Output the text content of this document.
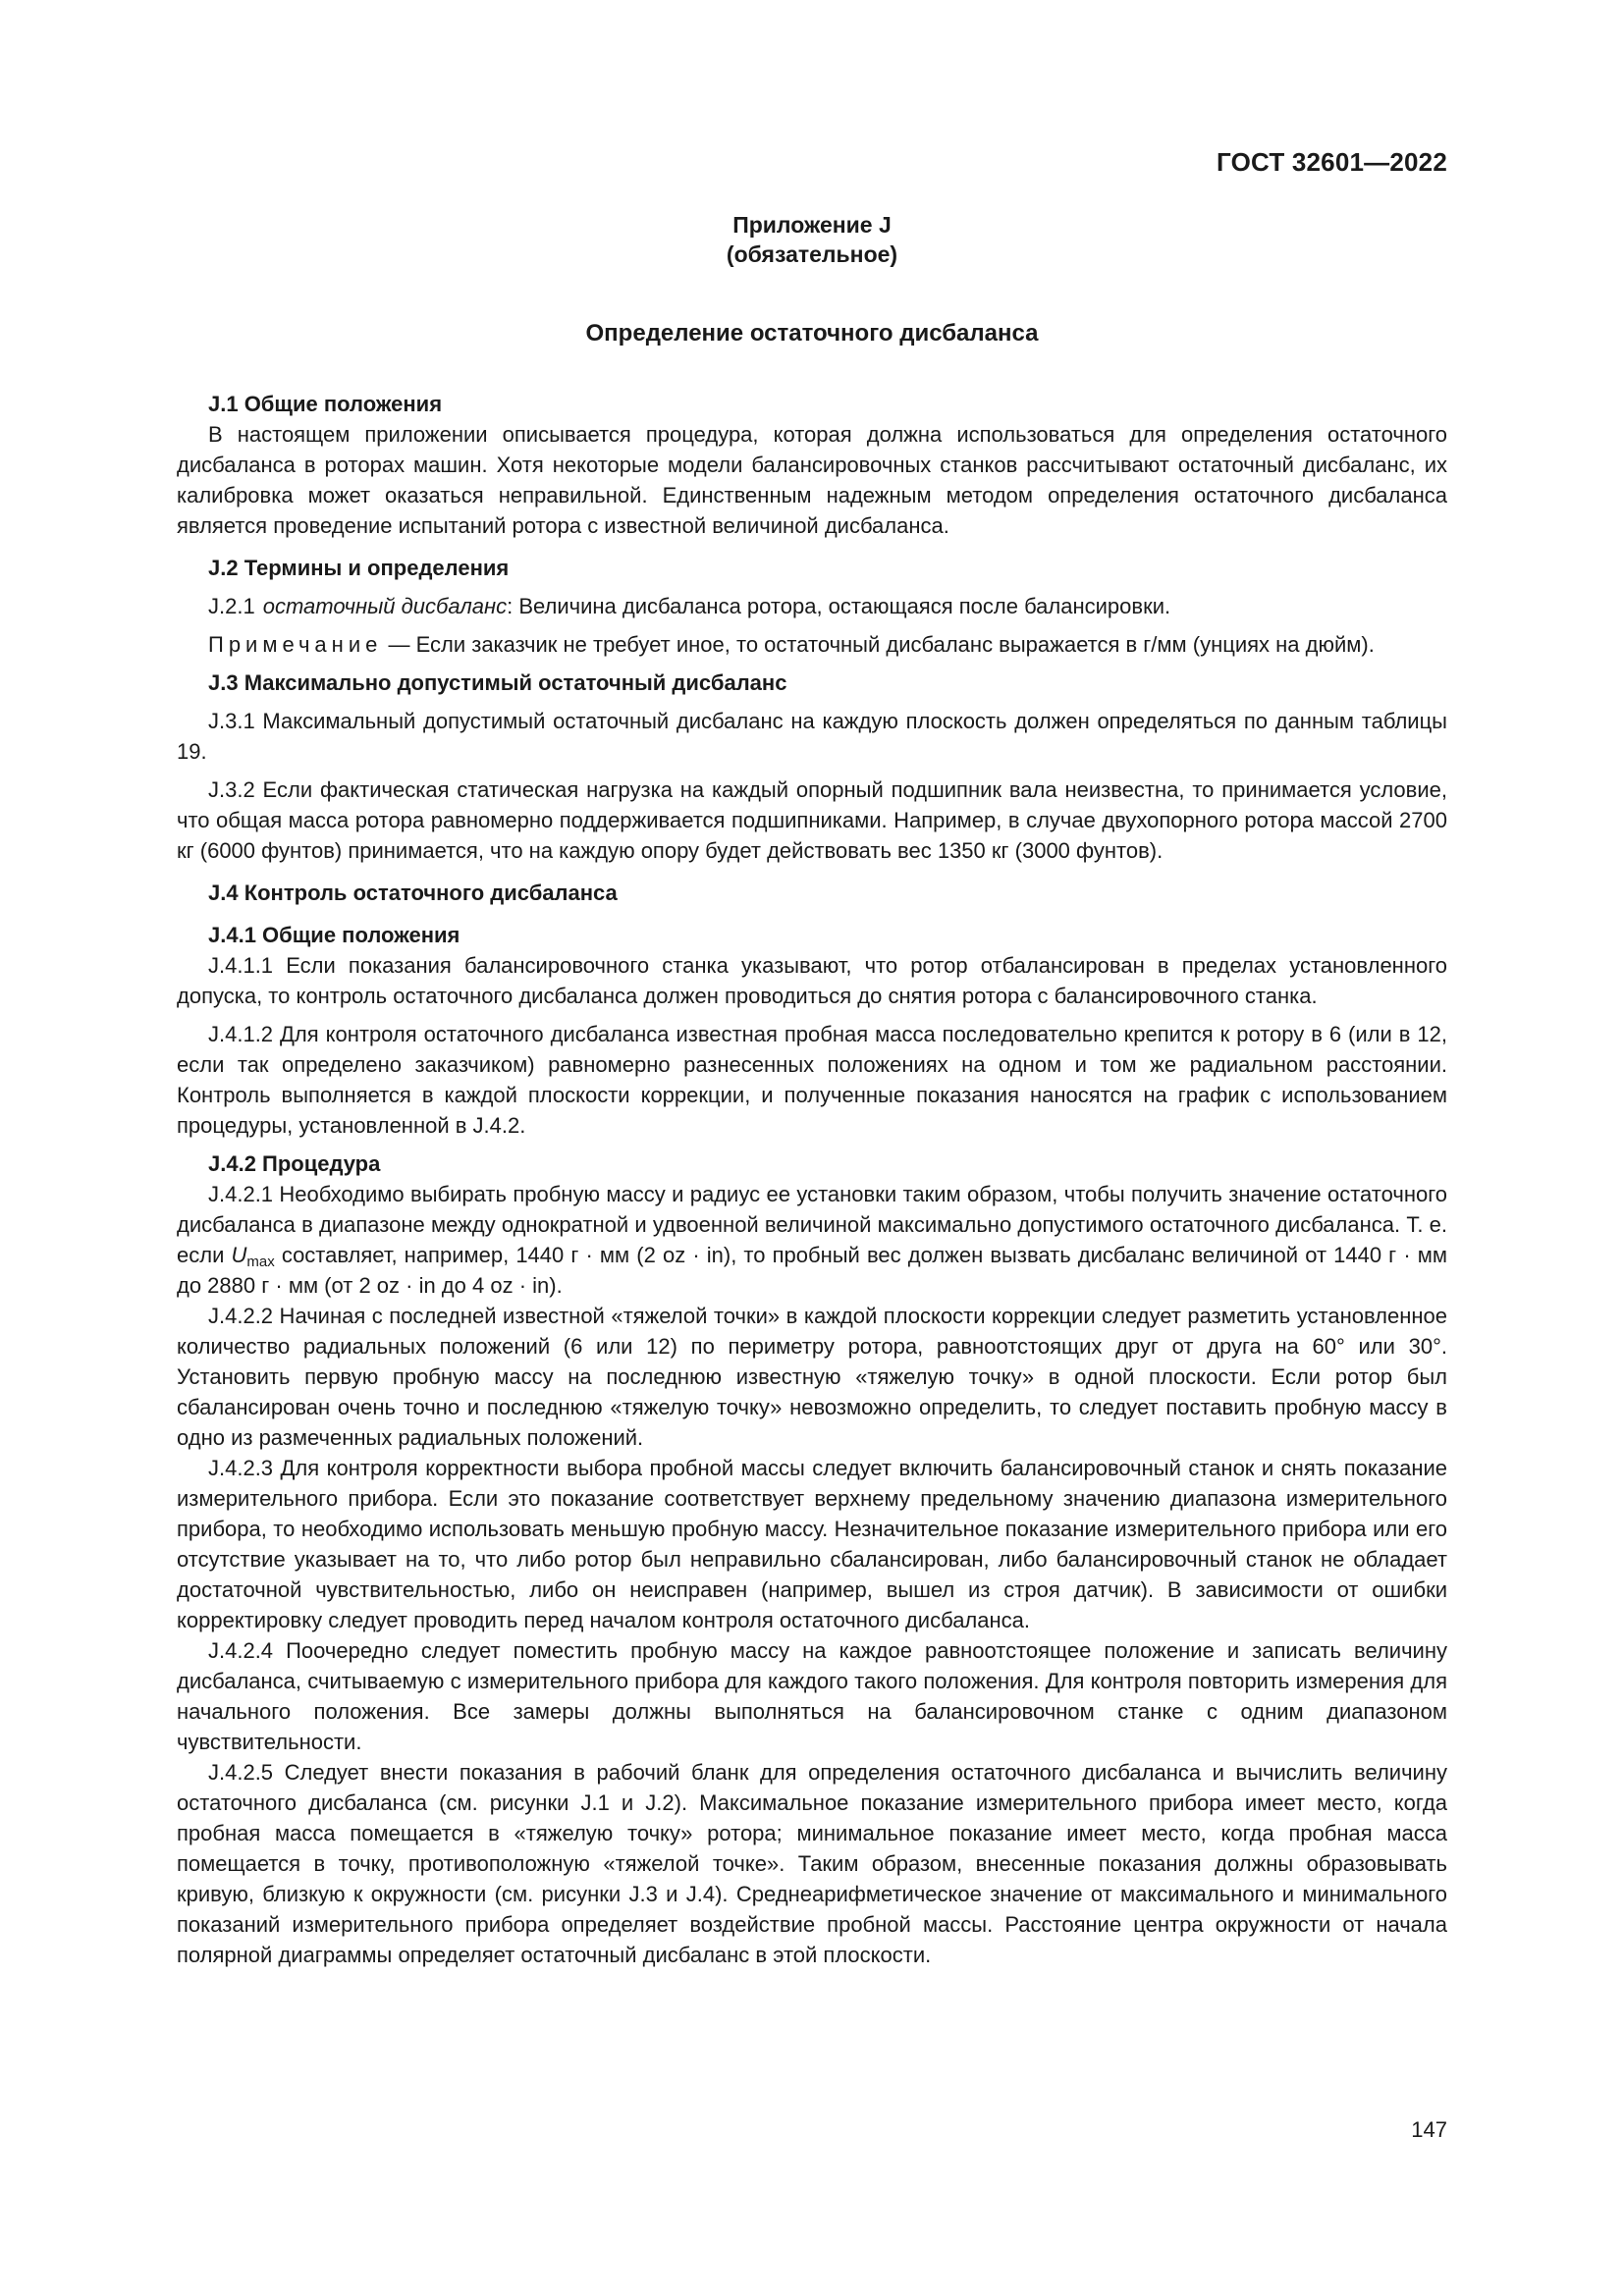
ГОСТ 32601—2022
Приложение J
(обязательное)
Определение остаточного дисбаланса
J.1 Общие положения

В настоящем приложении описывается процедура, которая должна использоваться для определения остаточного дисбаланса в роторах машин. Хотя некоторые модели балансировочных станков рассчитывают остаточный дисбаланс, их калибровка может оказаться неправильной. Единственным надежным методом определения остаточного дисбаланса является проведение испытаний ротора с известной величиной дисбаланса.

J.2 Термины и определения

J.2.1 остаточный дисбаланс: Величина дисбаланса ротора, остающаяся после балансировки.

Примечание — Если заказчик не требует иное, то остаточный дисбаланс выражается в г/мм (унциях на дюйм).

J.3 Максимально допустимый остаточный дисбаланс

J.3.1 Максимальный допустимый остаточный дисбаланс на каждую плоскость должен определяться по данным таблицы 19.

J.3.2 Если фактическая статическая нагрузка на каждый опорный подшипник вала неизвестна, то принимается условие, что общая масса ротора равномерно поддерживается подшипниками. Например, в случае двухопорного ротора массой 2700 кг (6000 фунтов) принимается, что на каждую опору будет действовать вес 1350 кг (3000 фунтов).

J.4 Контроль остаточного дисбаланса
J.4.1 Общие положения

J.4.1.1 Если показания балансировочного станка указывают, что ротор отбалансирован в пределах установленного допуска, то контроль остаточного дисбаланса должен проводиться до снятия ротора с балансировочного станка.

J.4.1.2 Для контроля остаточного дисбаланса известная пробная масса последовательно крепится к ротору в 6 (или в 12, если так определено заказчиком) равномерно разнесенных положениях на одном и том же радиальном расстоянии. Контроль выполняется в каждой плоскости коррекции, и полученные показания наносятся на график с использованием процедуры, установленной в J.4.2.

J.4.2 Процедура

J.4.2.1 Необходимо выбирать пробную массу и радиус ее установки таким образом, чтобы получить значение остаточного дисбаланса в диапазоне между однократной и удвоенной величиной максимально допустимого остаточного дисбаланса. Т. е. если $U_{max}$ составляет, например, 1440 г · мм (2 oz · in), то пробный вес должен вызвать дисбаланс величиной от 1440 г · мм до 2880 г · мм (от 2 oz · in до 4 oz · in).

J.4.2.2 Начиная с последней известной «тяжелой точки» в каждой плоскости коррекции следует разметить установленное количество радиальных положений (6 или 12) по периметру ротора, равноотстоящих друг от друга на 60° или 30°. Установить первую пробную массу на последнюю известную «тяжелую точку» в одной плоскости. Если ротор был сбалансирован очень точно и последнюю «тяжелую точку» невозможно определить, то следует поставить пробную массу в одно из размеченных радиальных положений.

J.4.2.3 Для контроля корректности выбора пробной массы следует включить балансировочный станок и снять показание измерительного прибора. Если это показание соответствует верхнему предельному значению диапазона измерительного прибора, то необходимо использовать меньшую пробную массу. Незначительное показание измерительного прибора или его отсутствие указывает на то, что либо ротор был неправильно сбалансирован, либо балансировочный станок не обладает достаточной чувствительностью, либо он неисправен (например, вышел из строя датчик). В зависимости от ошибки корректировку следует проводить перед началом контроля остаточного дисбаланса.

J.4.2.4 Поочередно следует поместить пробную массу на каждое равноотстоящее положение и записать величину дисбаланса, считываемую с измерительного прибора для каждого такого положения. Для контроля повторить измерения для начального положения. Все замеры должны выполняться на балансировочном станке с одним диапазоном чувствительности.

J.4.2.5 Следует внести показания в рабочий бланк для определения остаточного дисбаланса и вычислить величину остаточного дисбаланса (см. рисунки J.1 и J.2). Максимальное показание измерительного прибора имеет место, когда пробная масса помещается в «тяжелую точку» ротора; минимальное показание имеет место, когда пробная масса помещается в точку, противоположную «тяжелой точке». Таким образом, внесенные показания должны образовывать кривую, близкую к окружности (см. рисунки J.3 и J.4). Среднеарифметическое значение от максимального и минимального показаний измерительного прибора определяет воздействие пробной массы. Расстояние центра окружности от начала полярной диаграммы определяет остаточный дисбаланс в этой плоскости.

147
